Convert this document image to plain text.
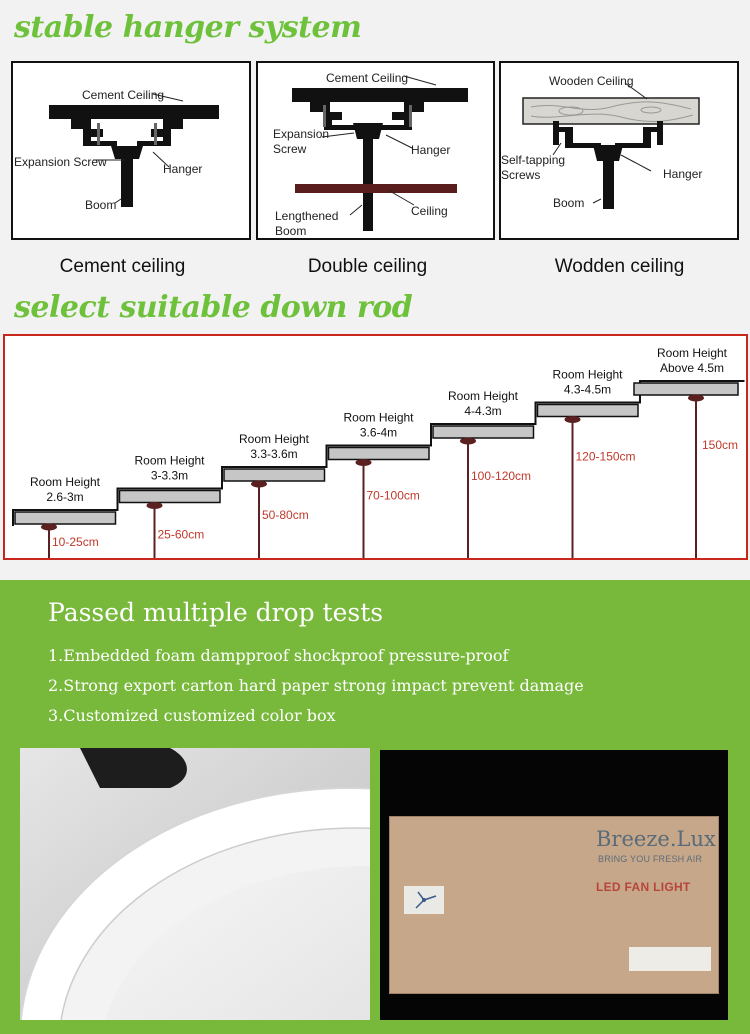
stable hanger system
Cement Ceiling
Expansion Screw	Hanger
Boom
Cement Ceiling
Expansion
Screw	Hanger
Ceiling
Lengthened
Boom
Wooden Ceiling
Self-tapping
Screws	Hanger
Boom
Cement ceiling	Double ceiling	Wodden ceiling
select suitable down rod
Room Height
2.6-3m
10-25cm
Room Height
3-3.3m
25-60cm
Room Height
3.3-3.6m
50-80cm
Room Height
3.6-4m
70-100cm
Room Height
4-4.3m
100-120cm
Room Height
4.3-4.5m
120-150cm
Room Height
Above 4.5m
150cm
Passed multiple drop tests
1.Embedded foam dampproof shockproof pressure-proof
2.Strong export carton hard paper strong impact prevent damage
3.Customized customized color box
Breeze.Lux
BRING YOU FRESH AIR
LED FAN LIGHT
